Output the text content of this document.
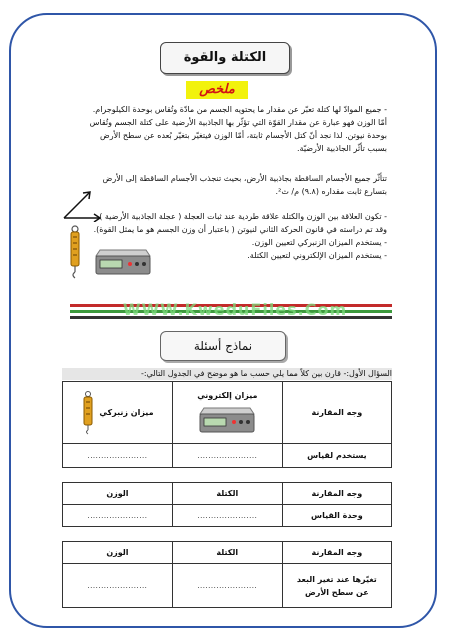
الكتلة والقوة
ملخص
- جميع الموادّ لها كتلة تعبّر عن مقدار ما يحتويه الجسم من مادّة وتُقاس بوحدة الكيلوجرام.
أمّا الوزن فهو عبارة عن مقدار القوّة التي تؤثّر بها الجاذبية الأرضية على كتلة الجسم وتُقاس
بوحدة نيوتن. لذا نجد أنّ كتل الأجسام ثابتة، أمّا الوزن فيتغيّر بتغيّر بُعده عن سطح الأرض
بسبب تأثّر الجاذبية الأرضيّة.
تتأثّر جميع الأجسام الساقطة بجاذبية الأرض، بحيث تنجذب الأجسام الساقطة إلى الأرض
بتسارع ثابت مقداره (٩.٨) م/ ث².
- تكون العلاقة بين الوزن والكتلة علاقة طردية عند ثبات العجلة ( عجلة الجاذبية الأرضية )
وقد تم دراسته في قانون الحركة الثاني لنيوتن ( باعتبار أن وزن الجسم هو ما يمثل القوة).
- يستخدم الميزان الزنبركي لتعيين الوزن.
- يستخدم الميزان الإلكتروني لتعيين الكتلة.
WWW.KweduFiles.Com
نماذج أسئلة
السؤال الأول:- قارن بين كلاً مما يلي حسب ما هو موضح في الجدول التالي:-
وجه المقارنة	ميزان إلكتروني	ميزان زنبركي

يستخدم لقياس	......................	......................
وجه المقارنة	الكتلة	الوزن
وحدة القياس	......................	......................
وجه المقارنة	الكتلة	الوزن
تغيّرها عند تغير البعد عن سطح الأرض	......................	......................
